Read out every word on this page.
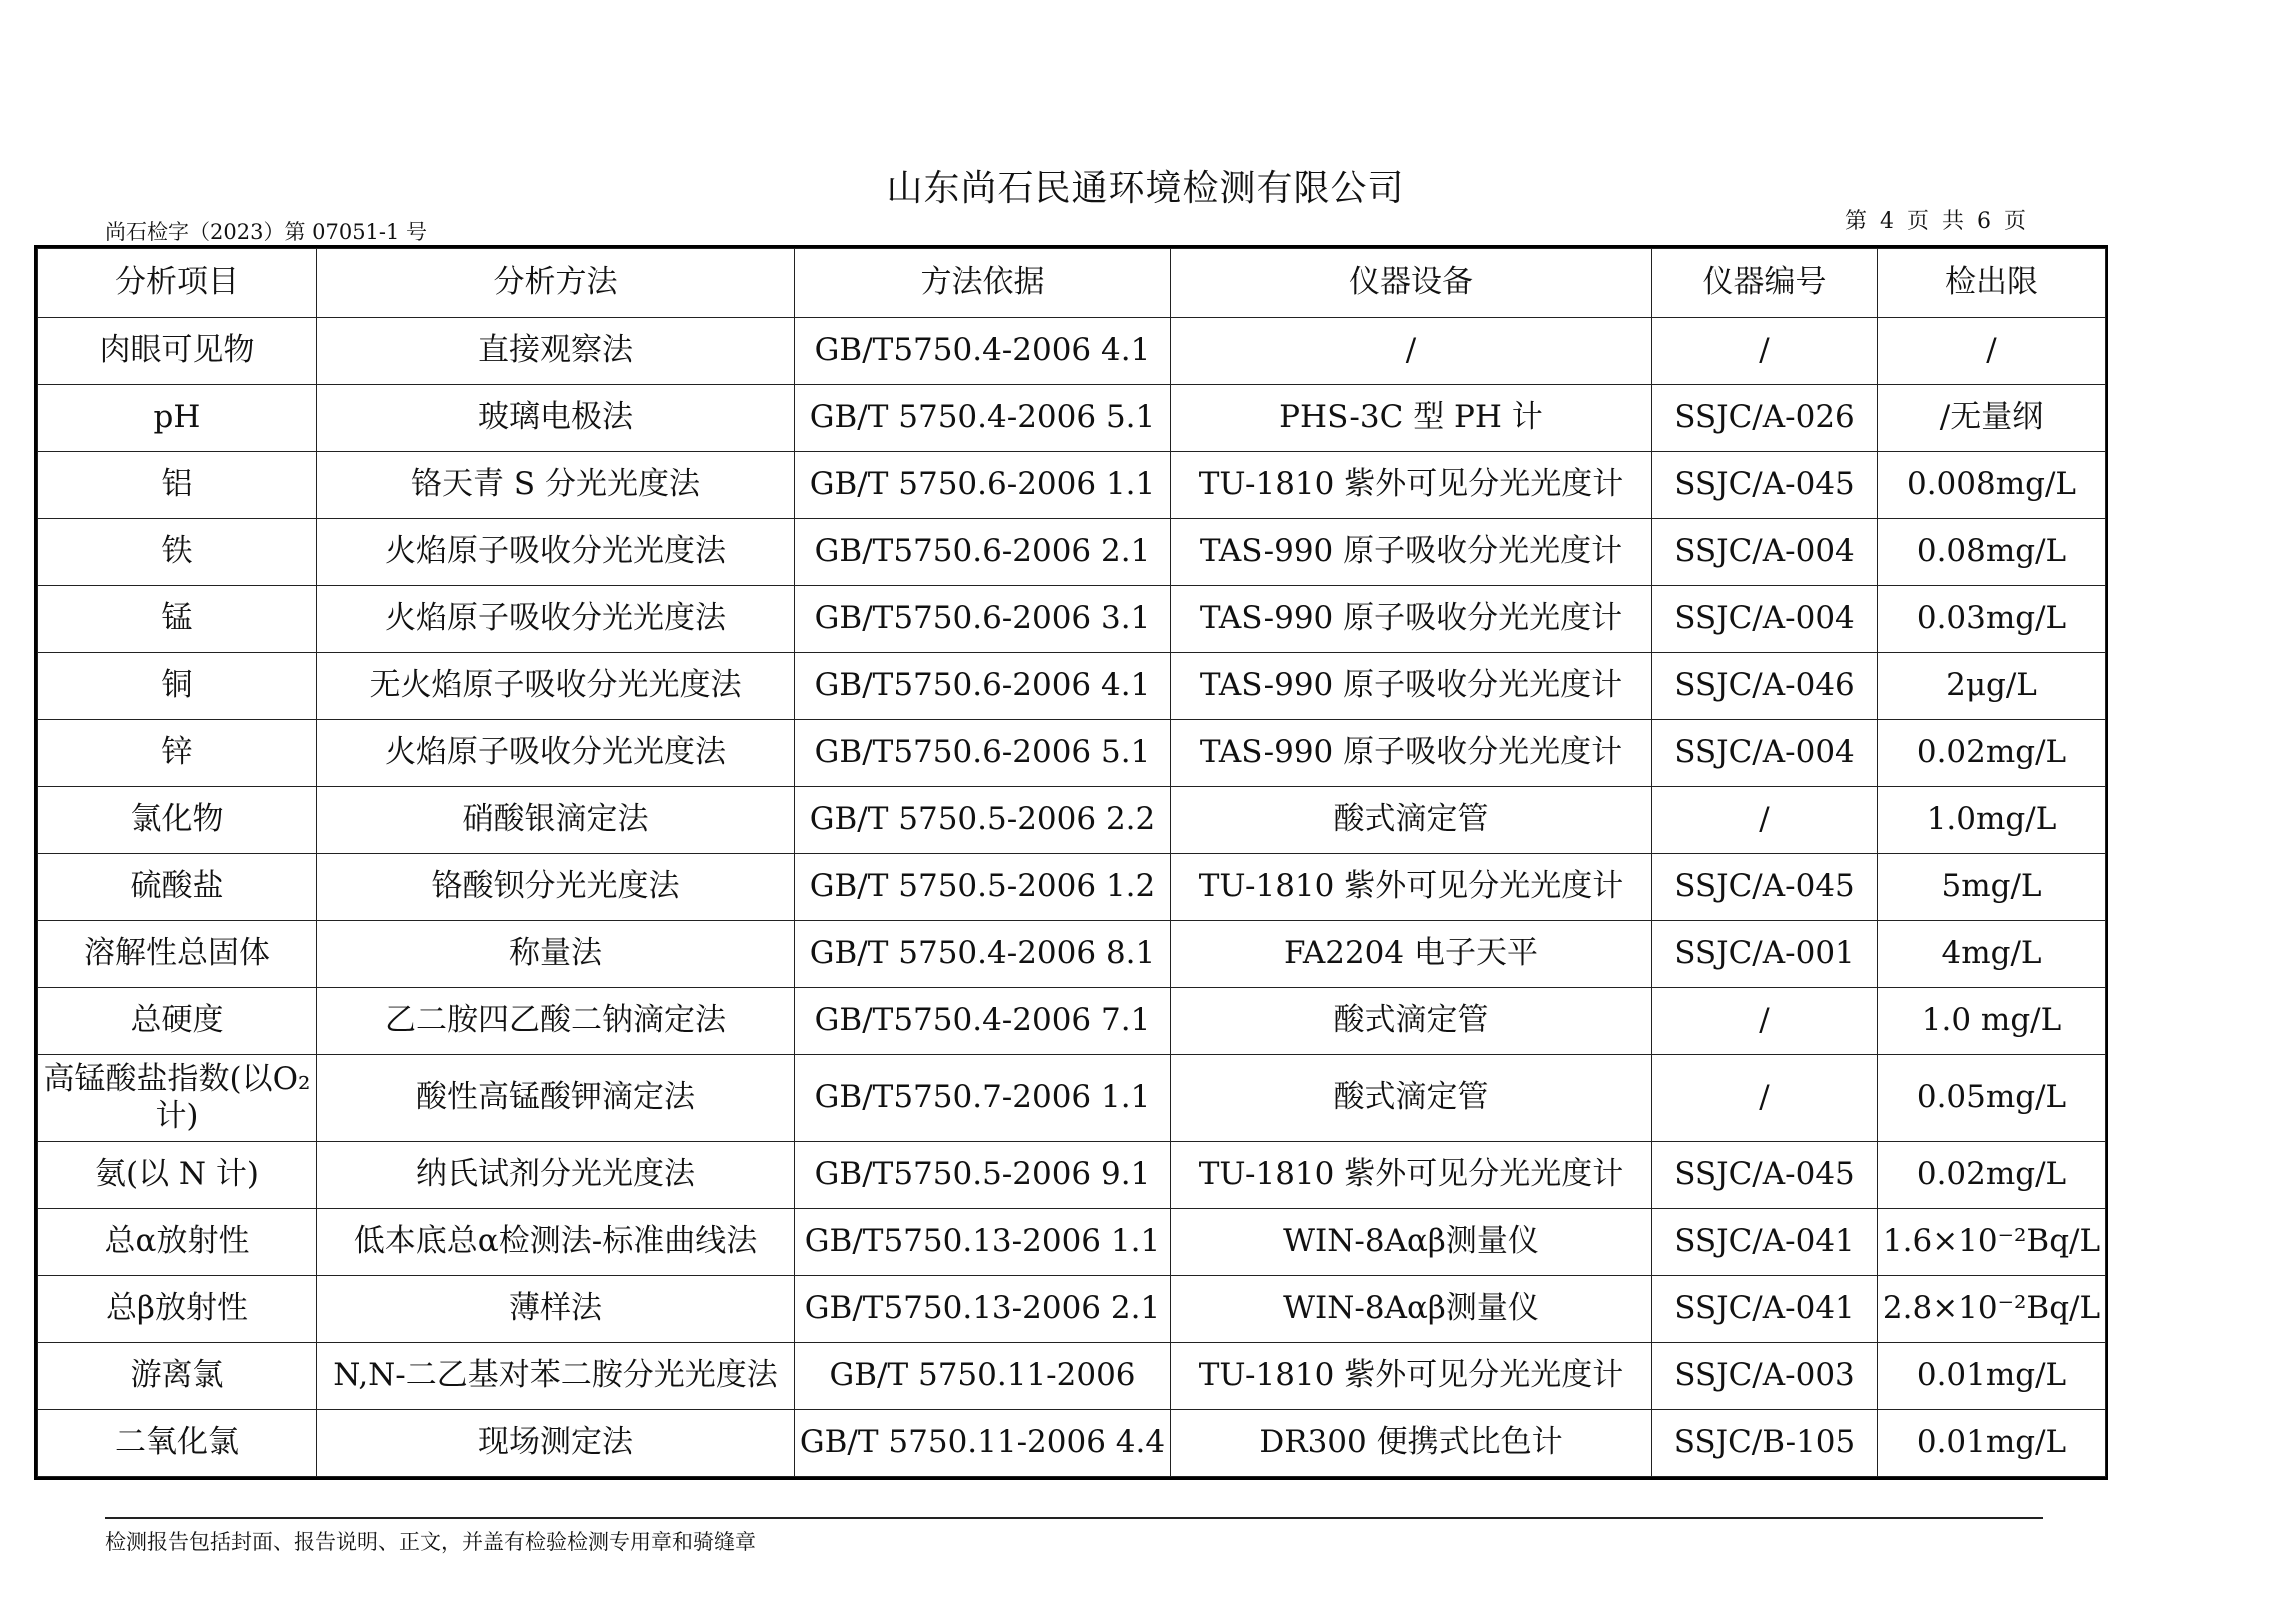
山东尚石民通环境检测有限公司
尚石检字（2023）第 07051-1 号	第 4 页 共 6 页
分析项目	分析方法	方法依据	仪器设备	仪器编号	检出限
肉眼可见物	直接观察法	GB/T5750.4-2006 4.1	/	/	/
pH	玻璃电极法	GB/T 5750.4-2006 5.1	PHS-3C 型 PH 计	SSJC/A-026	/无量纲
铝	铬天青 S 分光光度法	GB/T 5750.6-2006 1.1	TU-1810 紫外可见分光光度计	SSJC/A-045	0.008mg/L
铁	火焰原子吸收分光光度法	GB/T5750.6-2006 2.1	TAS-990 原子吸收分光光度计	SSJC/A-004	0.08mg/L
锰	火焰原子吸收分光光度法	GB/T5750.6-2006 3.1	TAS-990 原子吸收分光光度计	SSJC/A-004	0.03mg/L
铜	无火焰原子吸收分光光度法	GB/T5750.6-2006 4.1	TAS-990 原子吸收分光光度计	SSJC/A-046	2μg/L
锌	火焰原子吸收分光光度法	GB/T5750.6-2006 5.1	TAS-990 原子吸收分光光度计	SSJC/A-004	0.02mg/L
氯化物	硝酸银滴定法	GB/T 5750.5-2006 2.2	酸式滴定管	/	1.0mg/L
硫酸盐	铬酸钡分光光度法	GB/T 5750.5-2006 1.2	TU-1810 紫外可见分光光度计	SSJC/A-045	5mg/L
溶解性总固体	称量法	GB/T 5750.4-2006 8.1	FA2204 电子天平	SSJC/A-001	4mg/L
总硬度	乙二胺四乙酸二钠滴定法	GB/T5750.4-2006 7.1	酸式滴定管	/	1.0 mg/L
高锰酸盐指数(以O₂计)	酸性高锰酸钾滴定法	GB/T5750.7-2006 1.1	酸式滴定管	/	0.05mg/L
氨(以 N 计)	纳氏试剂分光光度法	GB/T5750.5-2006 9.1	TU-1810 紫外可见分光光度计	SSJC/A-045	0.02mg/L
总α放射性	低本底总α检测法-标准曲线法	GB/T5750.13-2006 1.1	WIN-8Aαβ测量仪	SSJC/A-041	1.6×10⁻²Bq/L
总β放射性	薄样法	GB/T5750.13-2006 2.1	WIN-8Aαβ测量仪	SSJC/A-041	2.8×10⁻²Bq/L
游离氯	N,N-二乙基对苯二胺分光光度法	GB/T 5750.11-2006	TU-1810 紫外可见分光光度计	SSJC/A-003	0.01mg/L
二氧化氯	现场测定法	GB/T 5750.11-2006 4.4	DR300 便携式比色计	SSJC/B-105	0.01mg/L
检测报告包括封面、报告说明、正文，并盖有检验检测专用章和骑缝章
